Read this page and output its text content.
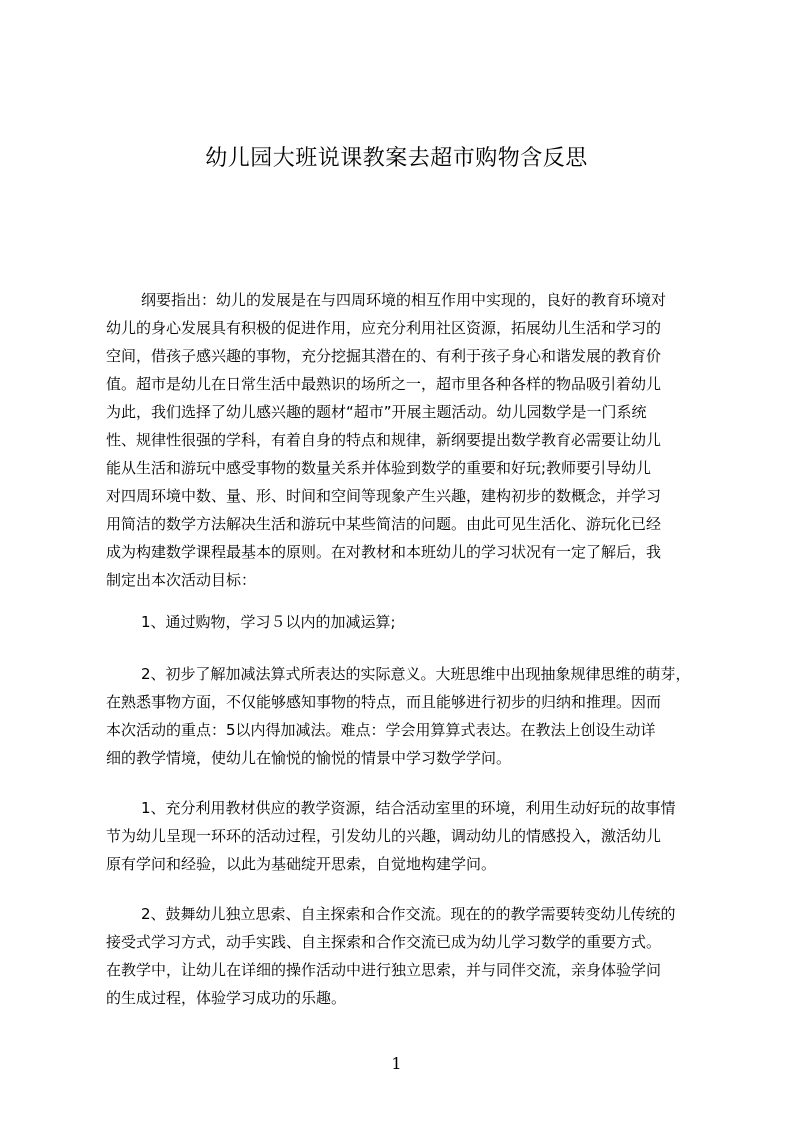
幼儿园大班说课教案去超市购物含反思
纲要指出：幼儿的发展是在与四周环境的相互作用中实现的，良好的教育环境对
幼儿的身心发展具有积极的促进作用，应充分利用社区资源，拓展幼儿生活和学习的
空间，借孩子感兴趣的事物，充分挖掘其潜在的、有利于孩子身心和谐发展的教育价
值。超市是幼儿在日常生活中最熟识的场所之一，超市里各种各样的物品吸引着幼儿
为此，我们选择了幼儿感兴趣的题材“超市”开展主题活动。幼儿园数学是一门系统
性、规律性很强的学科，有着自身的特点和规律，新纲要提出数学教育必需要让幼儿
能从生活和游玩中感受事物的数量关系并体验到数学的重要和好玩;教师要引导幼儿
对四周环境中数、量、形、时间和空间等现象产生兴趣，建构初步的数概念，并学习
用简洁的数学方法解决生活和游玩中某些简洁的问题。由此可见生活化、游玩化已经
成为构建数学课程最基本的原则。在对教材和本班幼儿的学习状况有一定了解后，我
制定出本次活动目标：
1、通过购物，学习５以内的加减运算;
2、初步了解加减法算式所表达的实际意义。大班思维中出现抽象规律思维的萌芽，
在熟悉事物方面，不仅能够感知事物的特点，而且能够进行初步的归纳和推理。因而
本次活动的重点：5以内得加减法。难点：学会用算算式表达。在教法上创设生动详
细的教学情境，使幼儿在愉悦的愉悦的情景中学习数学学问。
1、充分利用教材供应的教学资源，结合活动室里的环境，利用生动好玩的故事情
节为幼儿呈现一环环的活动过程，引发幼儿的兴趣，调动幼儿的情感投入，激活幼儿
原有学问和经验，以此为基础绽开思索，自觉地构建学问。
2、鼓舞幼儿独立思索、自主探索和合作交流。现在的的教学需要转变幼儿传统的
接受式学习方式，动手实践、自主探索和合作交流已成为幼儿学习数学的重要方式。
在教学中，让幼儿在详细的操作活动中进行独立思索，并与同伴交流，亲身体验学问
的生成过程，体验学习成功的乐趣。
1
